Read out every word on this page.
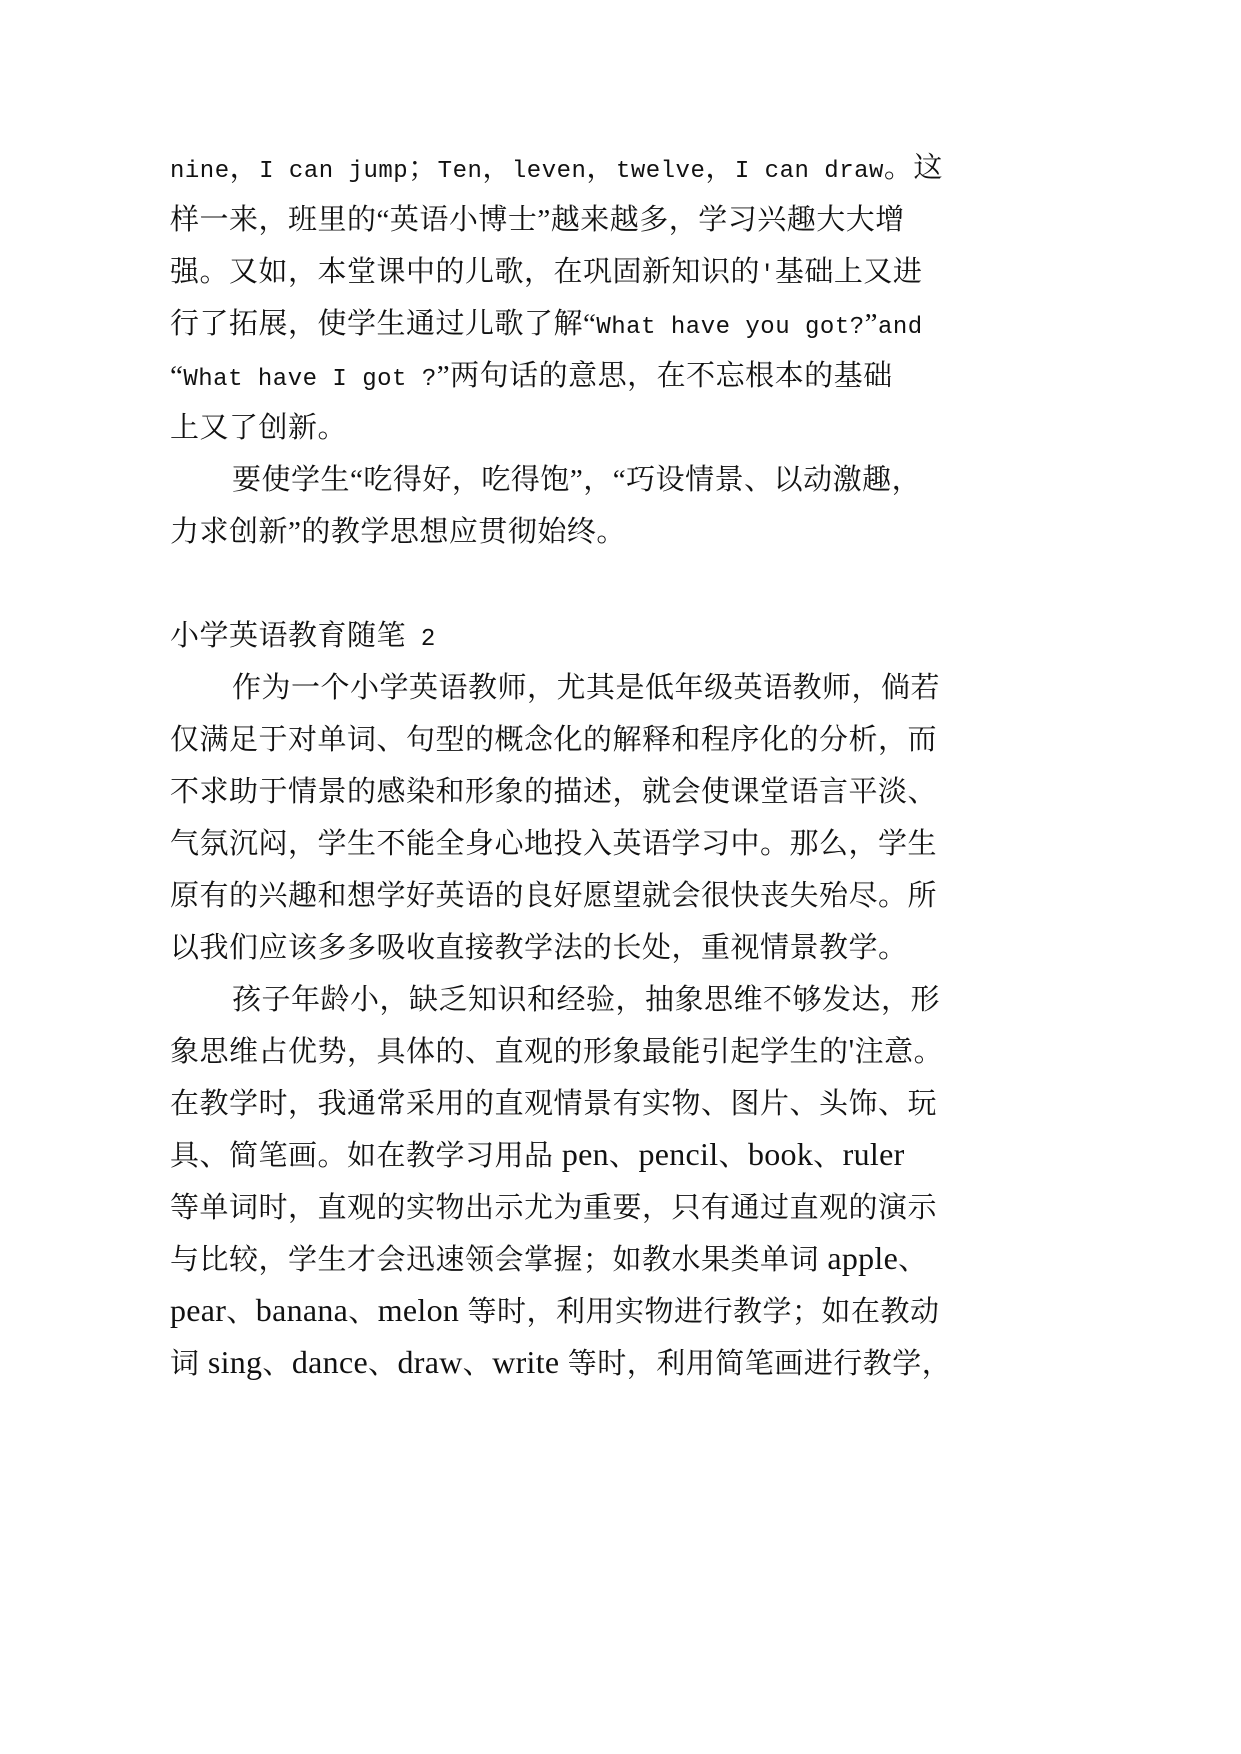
nine，I can jump；Ten，leven，twelve，I can draw。这
样一来，班里的“英语小博士”越来越多，学习兴趣大大增
强。又如，本堂课中的儿歌，在巩固新知识的'基础上又进
行了拓展，使学生通过儿歌了解“What have you got?”and
“What have I got ?”两句话的意思，在不忘根本的基础
上又了创新。
要使学生“吃得好，吃得饱”，“巧设情景、以动激趣，
力求创新”的教学思想应贯彻始终。
小学英语教育随笔 2
作为一个小学英语教师，尤其是低年级英语教师，倘若
仅满足于对单词、句型的概念化的解释和程序化的分析，而
不求助于情景的感染和形象的描述，就会使课堂语言平淡、
气氛沉闷，学生不能全身心地投入英语学习中。那么，学生
原有的兴趣和想学好英语的良好愿望就会很快丧失殆尽。所
以我们应该多多吸收直接教学法的长处，重视情景教学。
孩子年龄小，缺乏知识和经验，抽象思维不够发达，形
象思维占优势，具体的、直观的形象最能引起学生的'注意。
在教学时，我通常采用的直观情景有实物、图片、头饰、玩
具、简笔画。如在教学习用品 pen、pencil、book、ruler
等单词时，直观的实物出示尤为重要，只有通过直观的演示
与比较，学生才会迅速领会掌握；如教水果类单词 apple、
pear、banana、melon 等时，利用实物进行教学；如在教动
词 sing、dance、draw、write 等时，利用简笔画进行教学，
